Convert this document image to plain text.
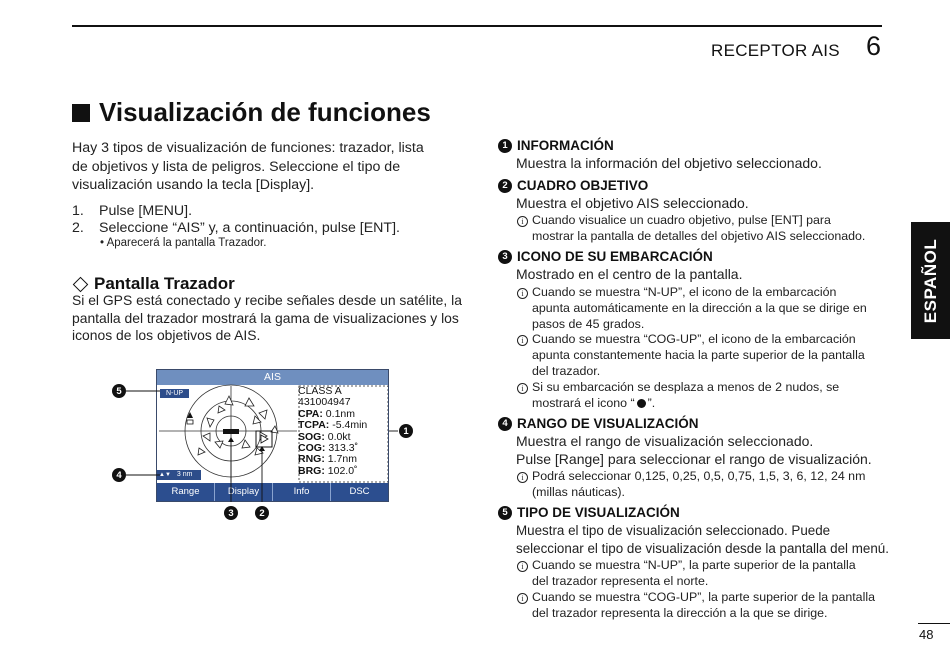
RECEPTOR AIS 6
ESPAÑOL
Visualización de funciones
Hay 3 tipos de visualización de funciones: trazador, lista
de objetivos y lista de peligros. Seleccione el tipo de
visualización usando la tecla [Display].
1. Pulse [MENU].
2. Seleccione “AIS” y, a continuación, pulse [ENT].
• Aparecerá la pantalla Trazador.
Pantalla Trazador
Si el GPS está conectado y recibe señales desde un satélite, la
pantalla del trazador mostrará la gama de visualizaciones y los
iconos de los objetivos de AIS.
AIS
N-UP
▲▼ 3 nm
CLASS A
431004947
CPA: 0.1nm
TCPA: -5.4min
SOG: 0.0kt
COG: 313.3˚
RNG: 1.7nm
BRG: 102.0˚
Range	Display	Info	DSC
5
4
1
3	2
1 INFORMACIÓN
Muestra la información del objetivo seleccionado.
2 CUADRO OBJETIVO
Muestra el objetivo AIS seleccionado.
i Cuando visualice un cuadro objetivo, pulse [ENT] para
mostrar la pantalla de detalles del objetivo AIS seleccionado.
3 ICONO DE SU EMBARCACIÓN
Mostrado en el centro de la pantalla.
i Cuando se muestra “N-UP”, el icono de la embarcación
apunta automáticamente en la dirección a la que se dirige en
pasos de 45 grados.
i Cuando se muestra “COG-UP”, el icono de la embarcación
apunta constantemente hacia la parte superior de la pantalla
del trazador.
i Si su embarcación se desplaza a menos de 2 nudos, se
mostrará el icono “ ”.
4 RANGO DE VISUALIZACIÓN
Muestra el rango de visualización seleccionado.
Pulse [Range] para seleccionar el rango de visualización.
i Podrá seleccionar 0,125, 0,25, 0,5, 0,75, 1,5, 3, 6, 12, 24 nm
(millas náuticas).
5 TIPO DE VISUALIZACIÓN
Muestra el tipo de visualización seleccionado. Puede
seleccionar el tipo de visualización desde la pantalla del menú.
i Cuando se muestra “N-UP”, la parte superior de la pantalla
del trazador representa el norte.
i Cuando se muestra “COG-UP”, la parte superior de la pantalla
del trazador representa la dirección a la que se dirige.
48
